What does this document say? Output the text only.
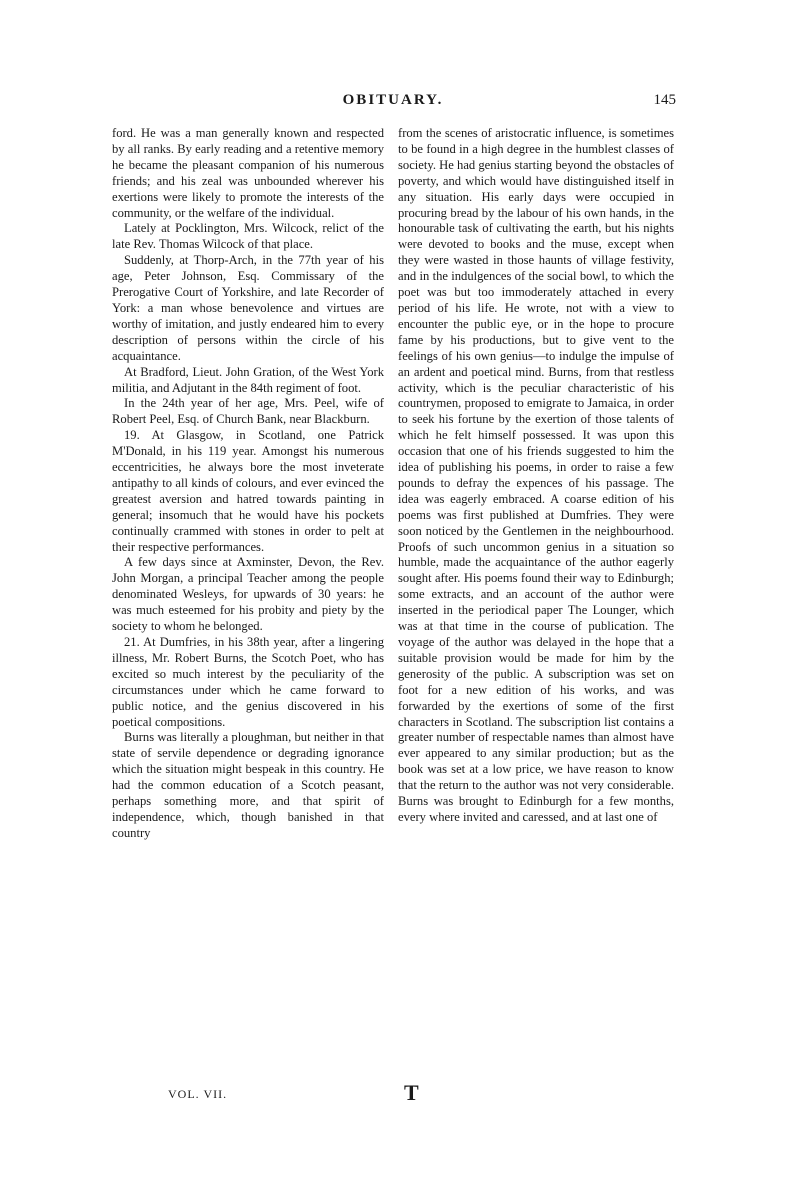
OBITUARY.	145

ford. He was a man generally known and respected by all ranks. By early reading and a retentive memory he became the pleasant companion of his numerous friends; and his zeal was unbounded wherever his exertions were likely to promote the interests of the community, or the welfare of the individual.

Lately at Pocklington, Mrs. Wilcock, relict of the late Rev. Thomas Wilcock of that place.

Suddenly, at Thorp-Arch, in the 77th year of his age, Peter Johnson, Esq. Commissary of the Prerogative Court of Yorkshire, and late Recorder of York: a man whose benevolence and virtues are worthy of imitation, and justly endeared him to every description of persons within the circle of his acquaintance.

At Bradford, Lieut. John Gration, of the West York militia, and Adjutant in the 84th regiment of foot.

In the 24th year of her age, Mrs. Peel, wife of Robert Peel, Esq. of Church Bank, near Blackburn.

19. At Glasgow, in Scotland, one Patrick M'Donald, in his 119 year. Amongst his numerous eccentricities, he always bore the most inveterate antipathy to all kinds of colours, and ever evinced the greatest aversion and hatred towards painting in general; insomuch that he would have his pockets continually crammed with stones in order to pelt at their respective performances.

A few days since at Axminster, Devon, the Rev. John Morgan, a principal Teacher among the people denominated Wesleys, for upwards of 30 years: he was much esteemed for his probity and piety by the society to whom he belonged.

21. At Dumfries, in his 38th year, after a lingering illness, Mr. Robert Burns, the Scotch Poet, who has excited so much interest by the peculiarity of the circumstances under which he came forward to public notice, and the genius discovered in his poetical compositions.

Burns was literally a ploughman, but neither in that state of servile dependence or degrading ignorance which the situation might bespeak in this country. He had the common education of a Scotch peasant, perhaps something more, and that spirit of independence, which, though banished in that country

from the scenes of aristocratic influence, is sometimes to be found in a high degree in the humblest classes of society. He had genius starting beyond the obstacles of poverty, and which would have distinguished itself in any situation. His early days were occupied in procuring bread by the labour of his own hands, in the honourable task of cultivating the earth, but his nights were devoted to books and the muse, except when they were wasted in those haunts of village festivity, and in the indulgences of the social bowl, to which the poet was but too immoderately attached in every period of his life. He wrote, not with a view to encounter the public eye, or in the hope to procure fame by his productions, but to give vent to the feelings of his own genius—to indulge the impulse of an ardent and poetical mind. Burns, from that restless activity, which is the peculiar characteristic of his countrymen, proposed to emigrate to Jamaica, in order to seek his fortune by the exertion of those talents of which he felt himself possessed. It was upon this occasion that one of his friends suggested to him the idea of publishing his poems, in order to raise a few pounds to defray the expences of his passage. The idea was eagerly embraced. A coarse edition of his poems was first published at Dumfries. They were soon noticed by the Gentlemen in the neighbourhood. Proofs of such uncommon genius in a situation so humble, made the acquaintance of the author eagerly sought after. His poems found their way to Edinburgh; some extracts, and an account of the author were inserted in the periodical paper The Lounger, which was at that time in the course of publication. The voyage of the author was delayed in the hope that a suitable provision would be made for him by the generosity of the public. A subscription was set on foot for a new edition of his works, and was forwarded by the exertions of some of the first characters in Scotland. The subscription list contains a greater number of respectable names than almost have ever appeared to any similar production; but as the book was set at a low price, we have reason to know that the return to the author was not very considerable. Burns was brought to Edinburgh for a few months, every where invited and caressed, and at last one of

VOL. VII.	T
